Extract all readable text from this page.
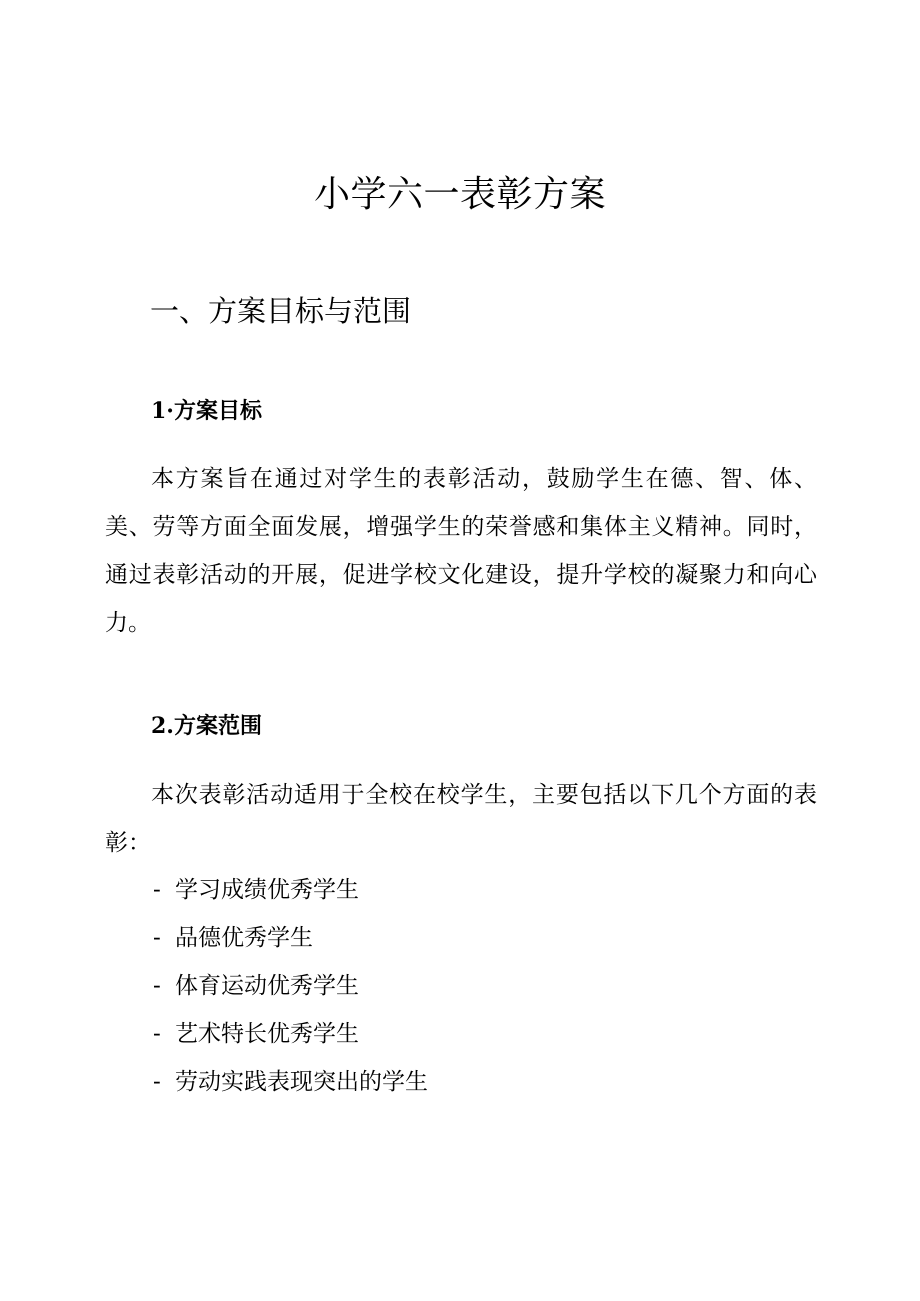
小学六一表彰方案
一、方案目标与范围
1·方案目标

本方案旨在通过对学生的表彰活动，鼓励学生在德、智、体、美、劳等方面全面发展，增强学生的荣誉感和集体主义精神。同时，通过表彰活动的开展，促进学校文化建设，提升学校的凝聚力和向心力。

2.方案范围

本次表彰活动适用于全校在校学生，主要包括以下几个方面的表彰：

- 学习成绩优秀学生
- 品德优秀学生
- 体育运动优秀学生
- 艺术特长优秀学生
- 劳动实践表现突出的学生
